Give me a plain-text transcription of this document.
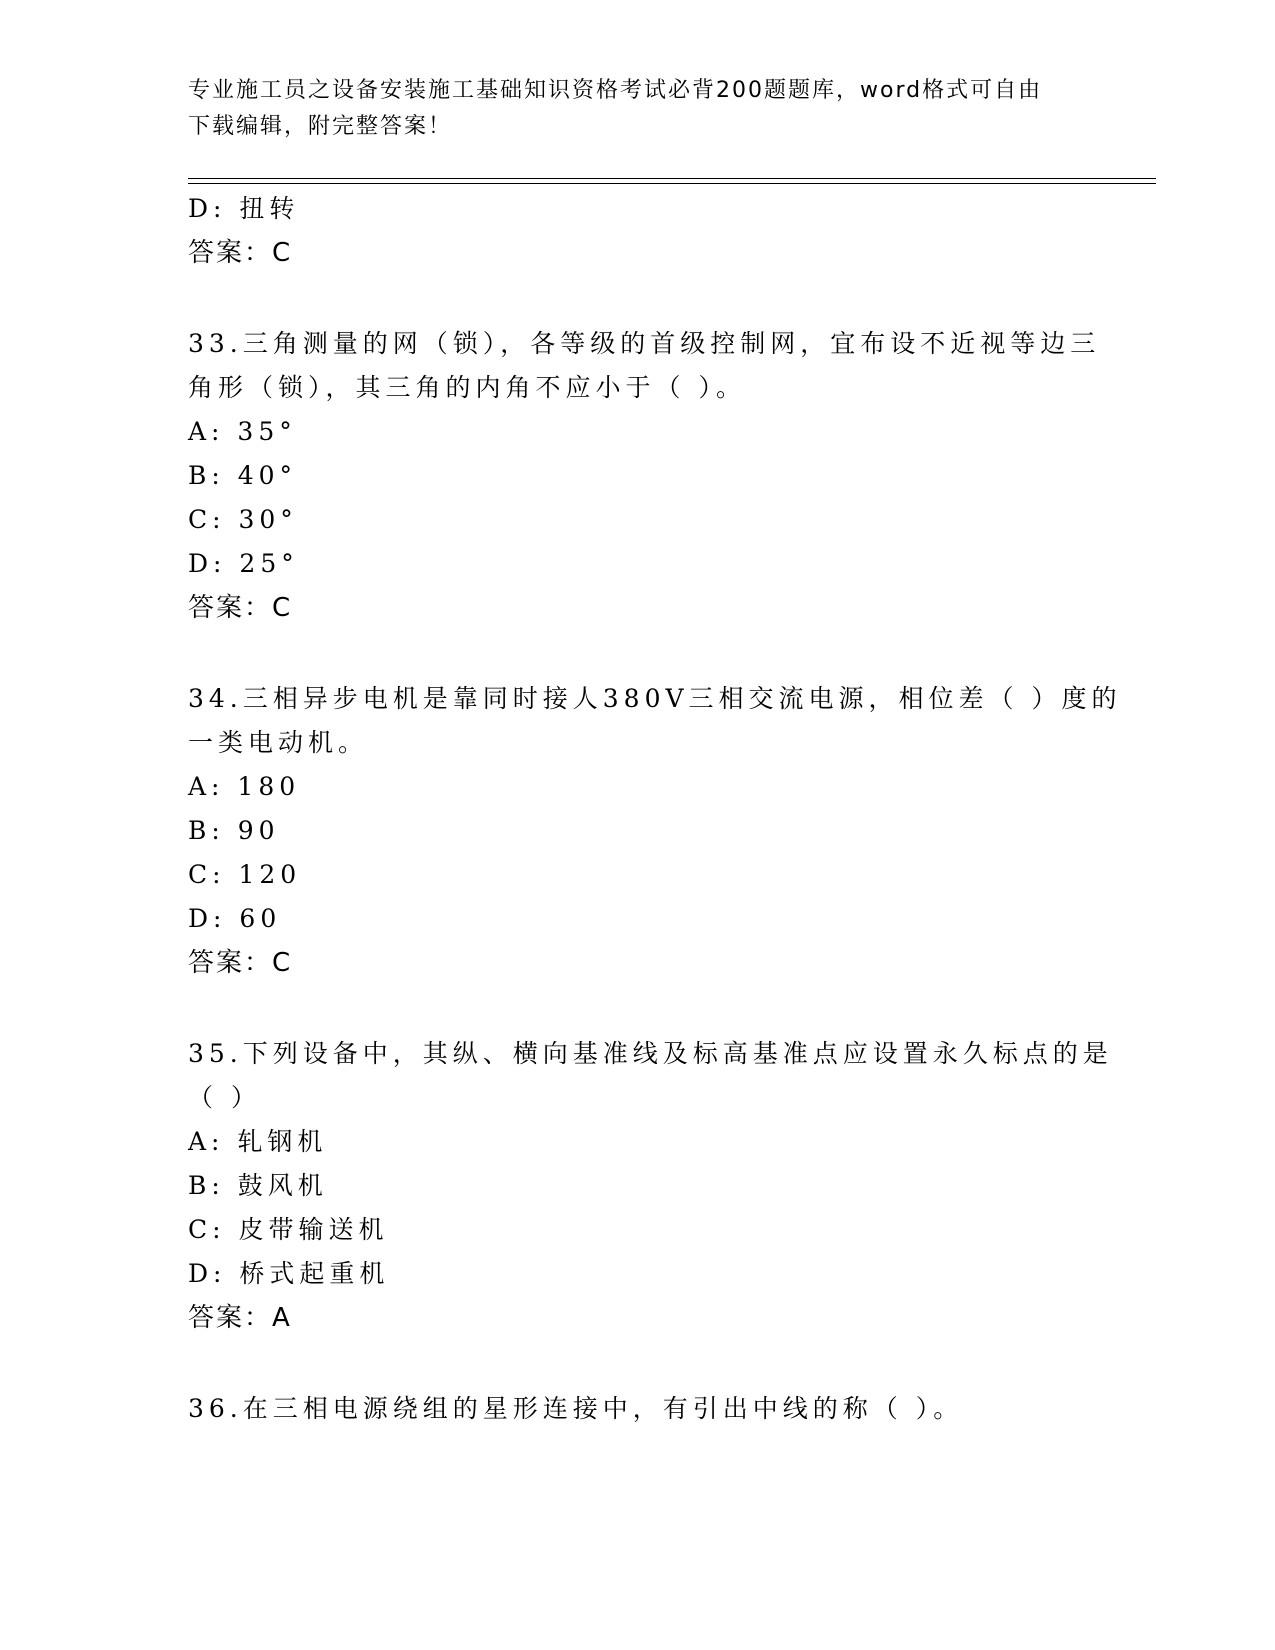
专业施工员之设备安装施工基础知识资格考试必背200题题库，word格式可自由
下载编辑，附完整答案！
D: 扭转
答案：C
33.三角测量的网（锁），各等级的首级控制网，宜布设不近视等边三
角形（锁），其三角的内角不应小于（ ）。
A: 35°
B: 40°
C: 30°
D: 25°
答案：C
34.三相异步电机是靠同时接人380V三相交流电源，相位差（ ）度的
一类电动机。
A: 180
B: 90
C: 120
D: 60
答案：C
35.下列设备中，其纵、横向基准线及标高基准点应设置永久标点的是
（ ）
A: 轧钢机
B: 鼓风机
C: 皮带输送机
D: 桥式起重机
答案：A
36.在三相电源绕组的星形连接中，有引出中线的称（ ）。
